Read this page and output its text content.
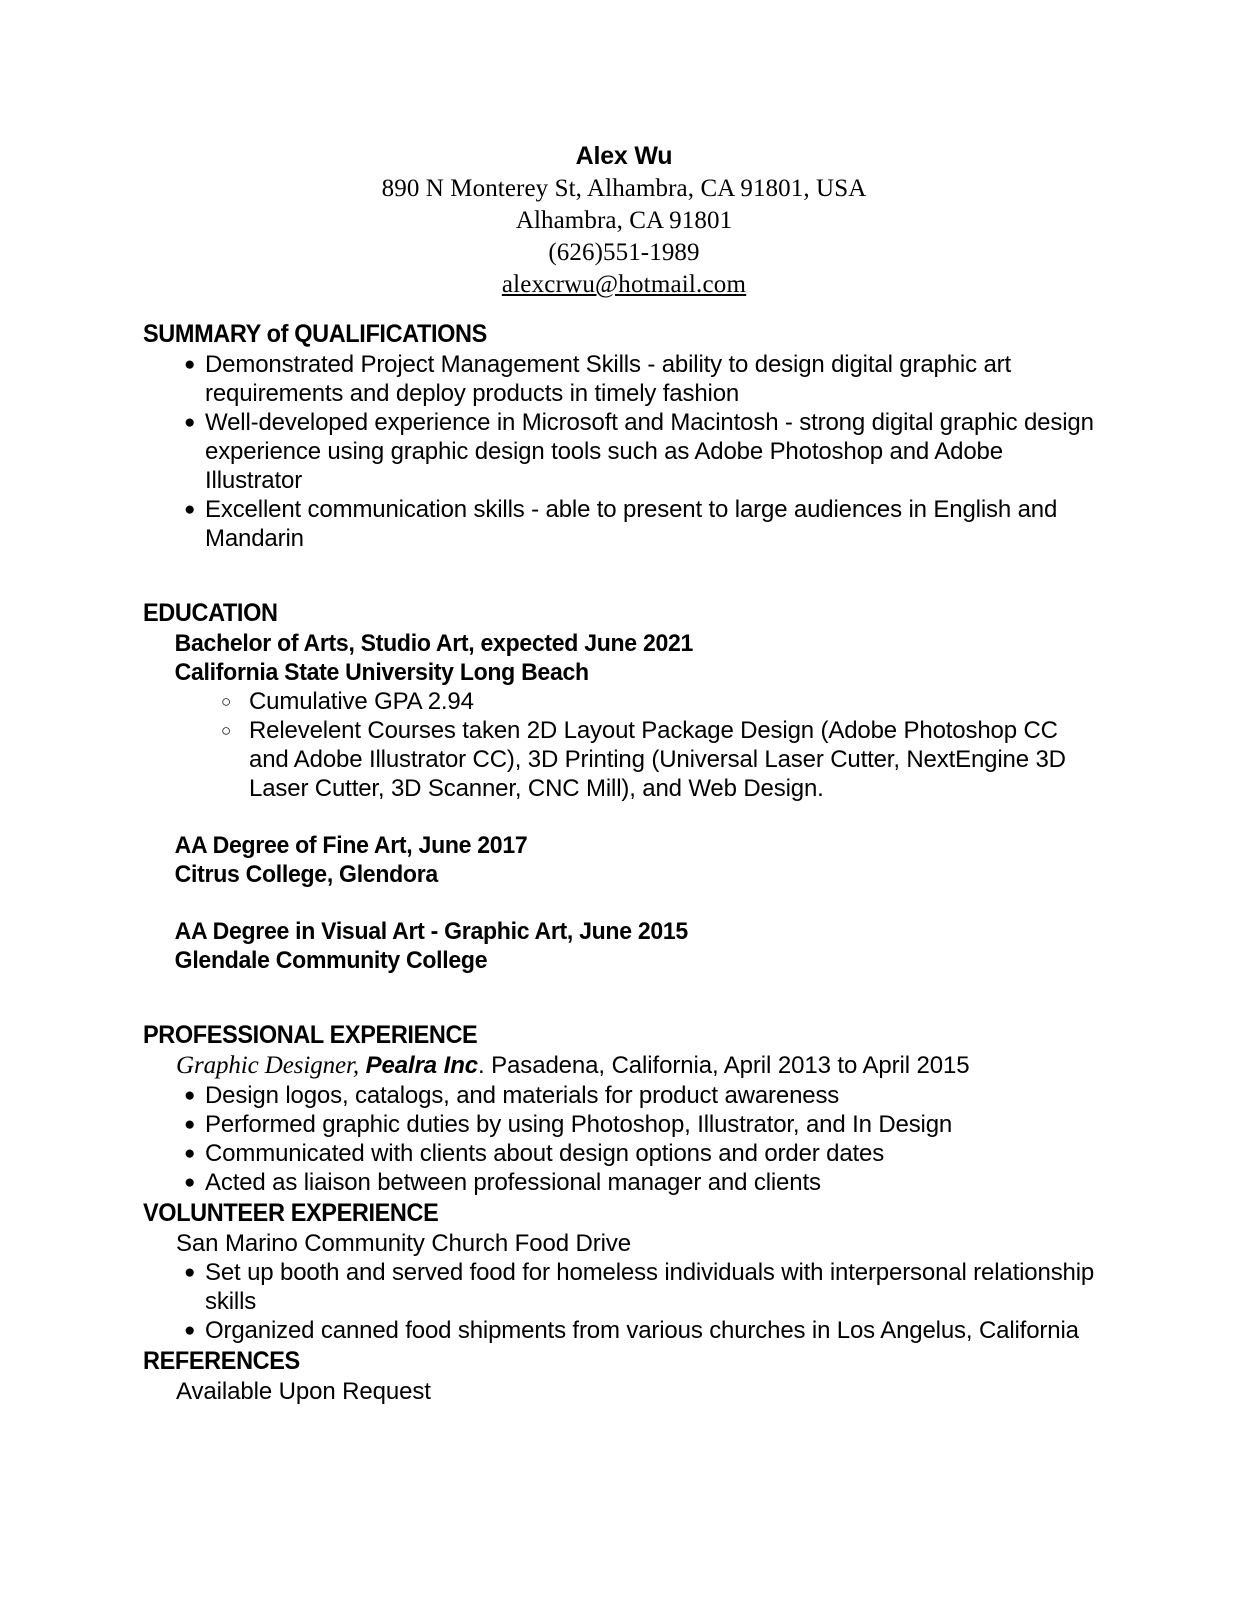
Alex Wu
890 N Monterey St, Alhambra, CA 91801, USA
Alhambra, CA 91801
(626)551-1989
alexcrwu@hotmail.com
SUMMARY of QUALIFICATIONS
● Demonstrated Project Management Skills - ability to design digital graphic art requirements and deploy products in timely fashion
● Well-developed experience in Microsoft and Macintosh - strong digital graphic design experience using graphic design tools such as Adobe Photoshop and Adobe Illustrator
● Excellent communication skills - able to present to large audiences in English and Mandarin
EDUCATION
Bachelor of Arts, Studio Art, expected June 2021
California State University Long Beach
○ Cumulative GPA 2.94
○ Relevelent Courses taken 2D Layout Package Design (Adobe Photoshop CC and Adobe Illustrator CC), 3D Printing (Universal Laser Cutter, NextEngine 3D Laser Cutter, 3D Scanner, CNC Mill), and Web Design.
AA Degree of Fine Art, June 2017
Citrus College, Glendora
AA Degree in Visual Art - Graphic Art, June 2015
Glendale Community College
PROFESSIONAL EXPERIENCE
Graphic Designer, Pealra Inc. Pasadena, California, April 2013 to April 2015
● Design logos, catalogs, and materials for product awareness
● Performed graphic duties by using Photoshop, Illustrator, and In Design
● Communicated with clients about design options and order dates
● Acted as liaison between professional manager and clients
VOLUNTEER EXPERIENCE
San Marino Community Church Food Drive
● Set up booth and served food for homeless individuals with interpersonal relationship skills
● Organized canned food shipments from various churches in Los Angelus, California
REFERENCES
Available Upon Request
